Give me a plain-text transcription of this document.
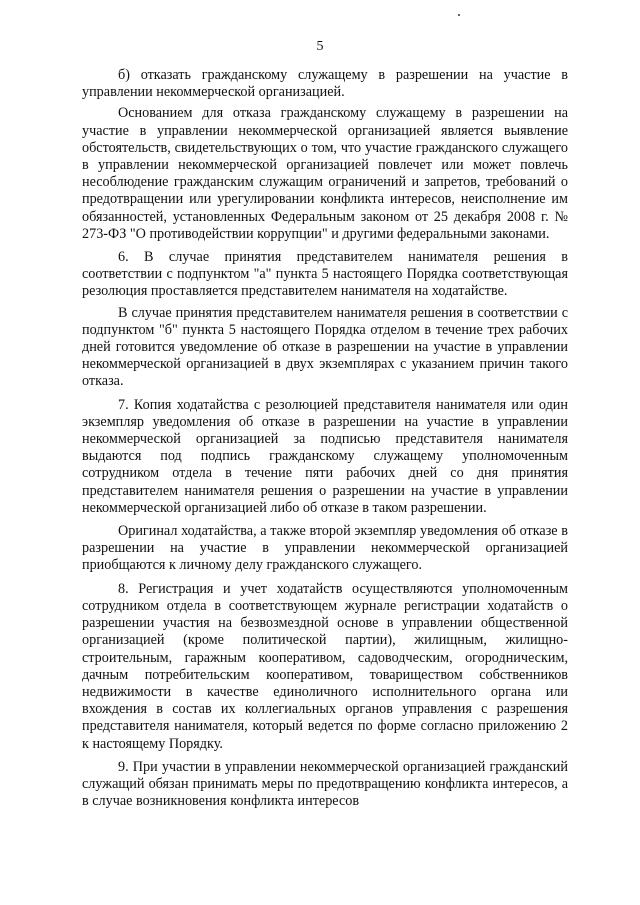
5

б) отказать гражданскому служащему в разрешении на участие в управлении некоммерческой организацией.

Основанием для отказа гражданскому служащему в разрешении на участие в управлении некоммерческой организацией является выявление обстоятельств, свидетельствующих о том, что участие гражданского служащего в управлении некоммерческой организацией повлечет или может повлечь несоблюдение гражданским служащим ограничений и запретов, требований о предотвращении или урегулировании конфликта интересов, неисполнение им обязанностей, установленных Федеральным законом от 25 декабря 2008 г. № 273-ФЗ "О противодействии коррупции" и другими федеральными законами.

6. В случае принятия представителем нанимателя решения в соответствии с подпунктом "а" пункта 5 настоящего Порядка соответствующая резолюция проставляется представителем нанимателя на ходатайстве.

В случае принятия представителем нанимателя решения в соответствии с подпунктом "б" пункта 5 настоящего Порядка отделом в течение трех рабочих дней готовится уведомление об отказе в разрешении на участие в управлении некоммерческой организацией в двух экземплярах с указанием причин такого отказа.

7. Копия ходатайства с резолюцией представителя нанимателя или один экземпляр уведомления об отказе в разрешении на участие в управлении некоммерческой организацией за подписью представителя нанимателя выдаются под подпись гражданскому служащему уполномоченным сотрудником отдела в течение пяти рабочих дней со дня принятия представителем нанимателя решения о разрешении на участие в управлении некоммерческой организацией либо об отказе в таком разрешении.

Оригинал ходатайства, а также второй экземпляр уведомления об отказе в разрешении на участие в управлении некоммерческой организацией приобщаются к личному делу гражданского служащего.

8. Регистрация и учет ходатайств осуществляются уполномоченным сотрудником отдела в соответствующем журнале регистрации ходатайств о разрешении участия на безвозмездной основе в управлении общественной организацией (кроме политической партии), жилищным, жилищно-строительным, гаражным кооперативом, садоводческим, огородническим, дачным потребительским кооперативом, товариществом собственников недвижимости в качестве единоличного исполнительного органа или вхождения в состав их коллегиальных органов управления с разрешения представителя нанимателя, который ведется по форме согласно приложению 2 к настоящему Порядку.

9. При участии в управлении некоммерческой организацией гражданский служащий обязан принимать меры по предотвращению конфликта интересов, а в случае возникновения конфликта интересов
